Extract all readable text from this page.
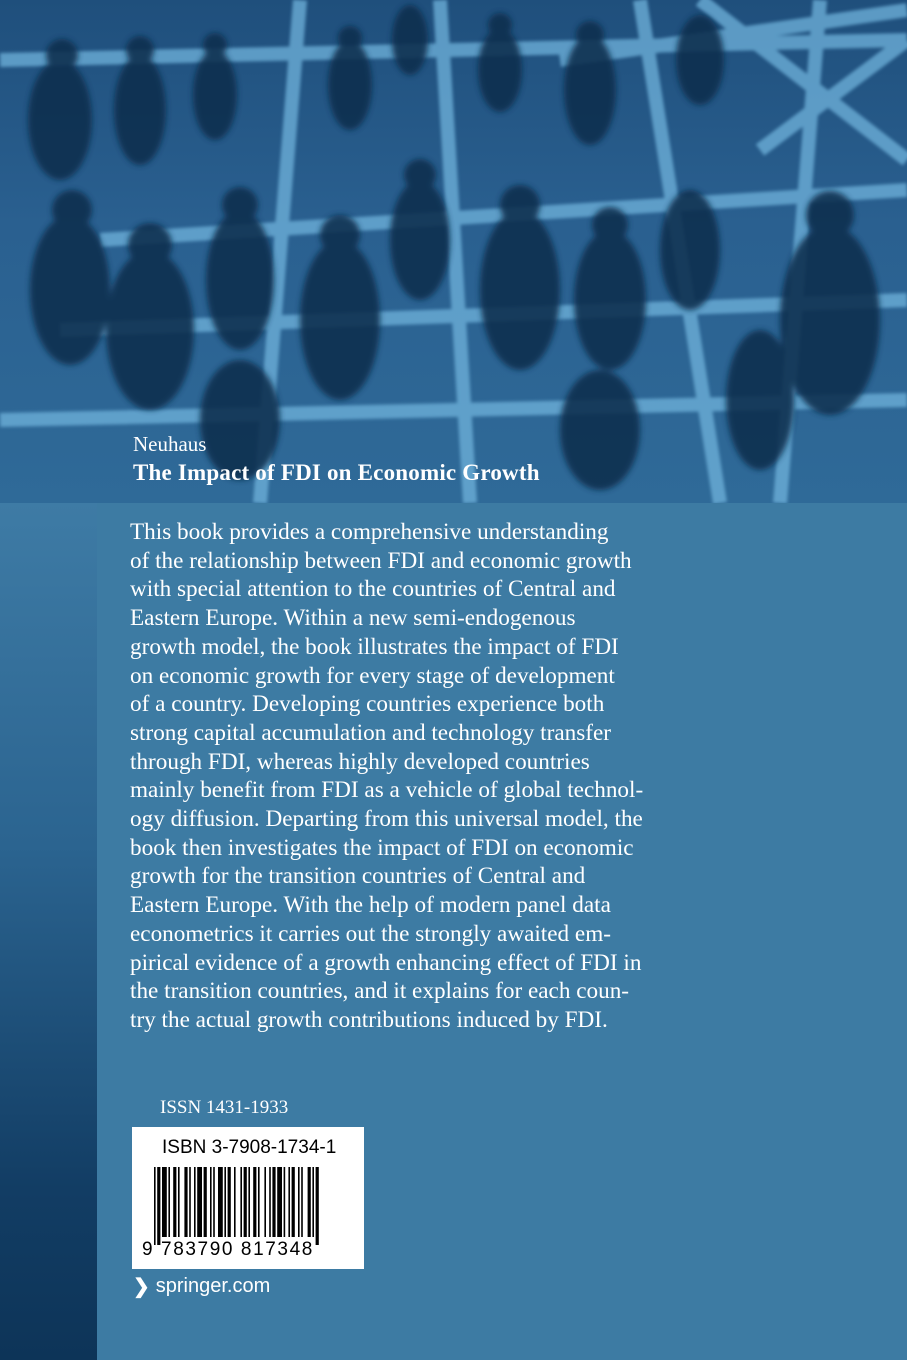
Neuhaus
The Impact of FDI on Economic Growth

This book provides a comprehensive understanding
of the relationship between FDI and economic growth
with special attention to the countries of Central and
Eastern Europe. Within a new semi-endogenous
growth model, the book illustrates the impact of FDI
on economic growth for every stage of development
of a country. Developing countries experience both
strong capital accumulation and technology transfer
through FDI, whereas highly developed countries
mainly benefit from FDI as a vehicle of global technol-
ogy diffusion. Departing from this universal model, the
book then investigates the impact of FDI on economic
growth for the transition countries of Central and
Eastern Europe. With the help of modern panel data
econometrics it carries out the strongly awaited em-
pirical evidence of a growth enhancing effect of FDI in
the transition countries, and it explains for each coun-
try the actual growth contributions induced by FDI.

ISSN 1431-1933
ISBN 3-7908-1734-1
9 783790 817348
❯ springer.com
